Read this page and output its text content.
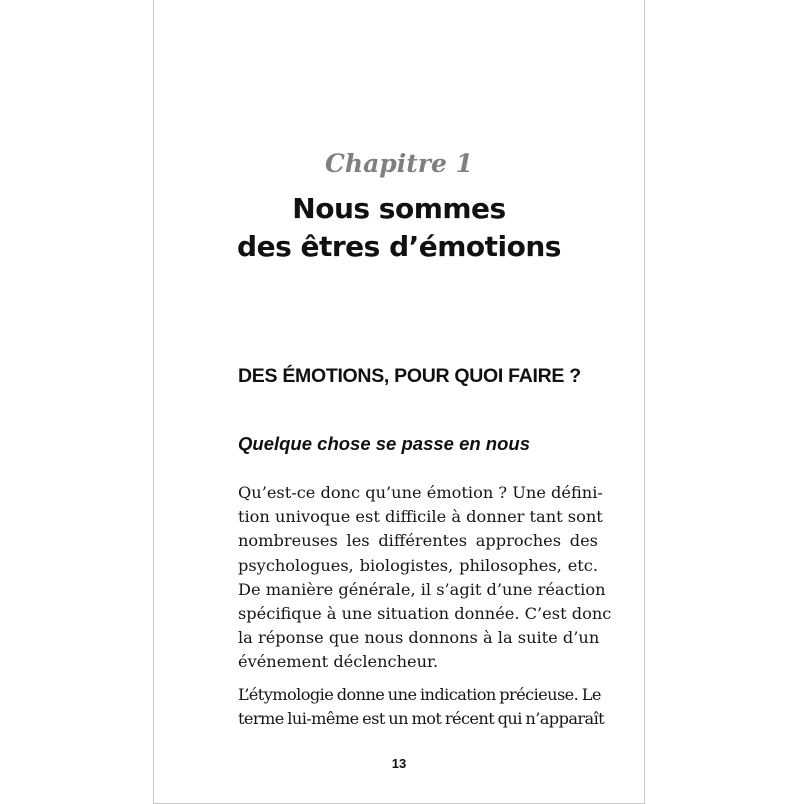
Chapitre 1
Nous sommes
des êtres d’émotions
DES ÉMOTIONS, POUR QUOI FAIRE ?
Quelque chose se passe en nous
Qu’est-ce donc qu’une émotion ? Une défini-
tion univoque est difficile à donner tant sont
nombreuses les différentes approches des
psychologues, biologistes, philosophes, etc.
De manière générale, il s’agit d’une réaction
spécifique à une situation donnée. C’est donc
la réponse que nous donnons à la suite d’un
événement déclencheur.
L’étymologie donne une indication précieuse. Le
terme lui-même est un mot récent qui n’apparaît
13
